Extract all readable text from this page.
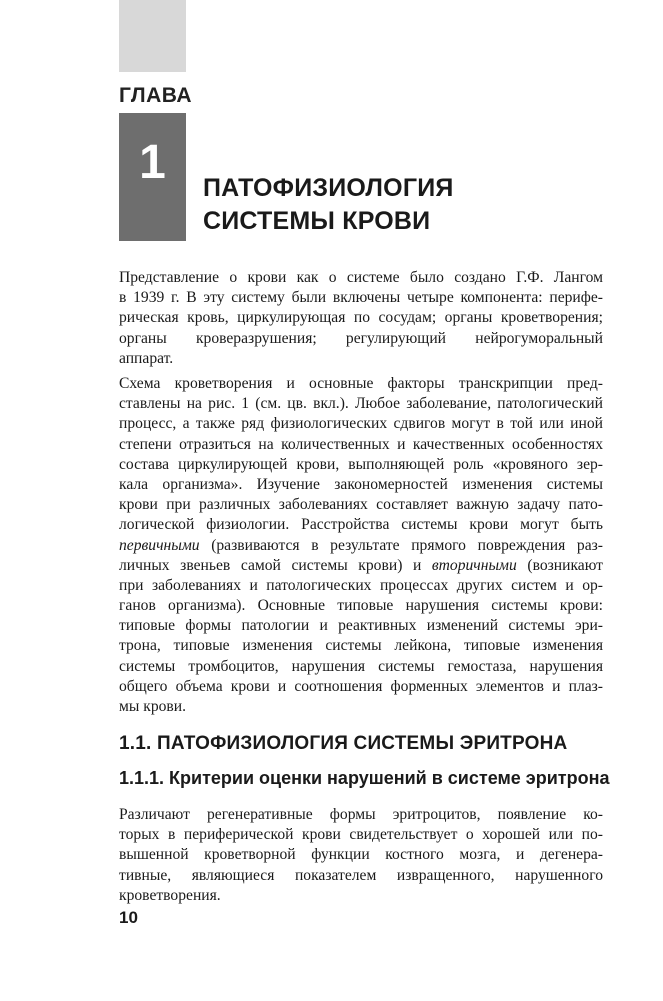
ГЛАВА
1	ПАТОФИЗИОЛОГИЯ
СИСТЕМЫ КРОВИ
Представление о крови как о системе было создано Г.Ф. Лангом
в 1939 г. В эту систему были включены четыре компонента: перифе-
рическая кровь, циркулирующая по сосудам; органы кроветворения;
органы кроверазрушения; регулирующий нейрогуморальный
аппарат.
Схема кроветворения и основные факторы транскрипции пред-
ставлены на рис. 1 (см. цв. вкл.). Любое заболевание, патологический
процесс, а также ряд физиологических сдвигов могут в той или иной
степени отразиться на количественных и качественных особенностях
состава циркулирующей крови, выполняющей роль «кровяного зер-
кала организма». Изучение закономерностей изменения системы
крови при различных заболеваниях составляет важную задачу пато-
логической физиологии. Расстройства системы крови могут быть
первичными (развиваются в результате прямого повреждения раз-
личных звеньев самой системы крови) и вторичными (возникают
при заболеваниях и патологических процессах других систем и ор-
ганов организма). Основные типовые нарушения системы крови:
типовые формы патологии и реактивных изменений системы эри-
трона, типовые изменения системы лейкона, типовые изменения
системы тромбоцитов, нарушения системы гемостаза, нарушения
общего объема крови и соотношения форменных элементов и плаз-
мы крови.
1.1. ПАТОФИЗИОЛОГИЯ СИСТЕМЫ ЭРИТРОНА
1.1.1. Критерии оценки нарушений в системе эритрона
Различают регенеративные формы эритроцитов, появление ко-
торых в периферической крови свидетельствует о хорошей или по-
вышенной кроветворной функции костного мозга, и дегенера-
тивные, являющиеся показателем извращенного, нарушенного
кроветворения.
10
